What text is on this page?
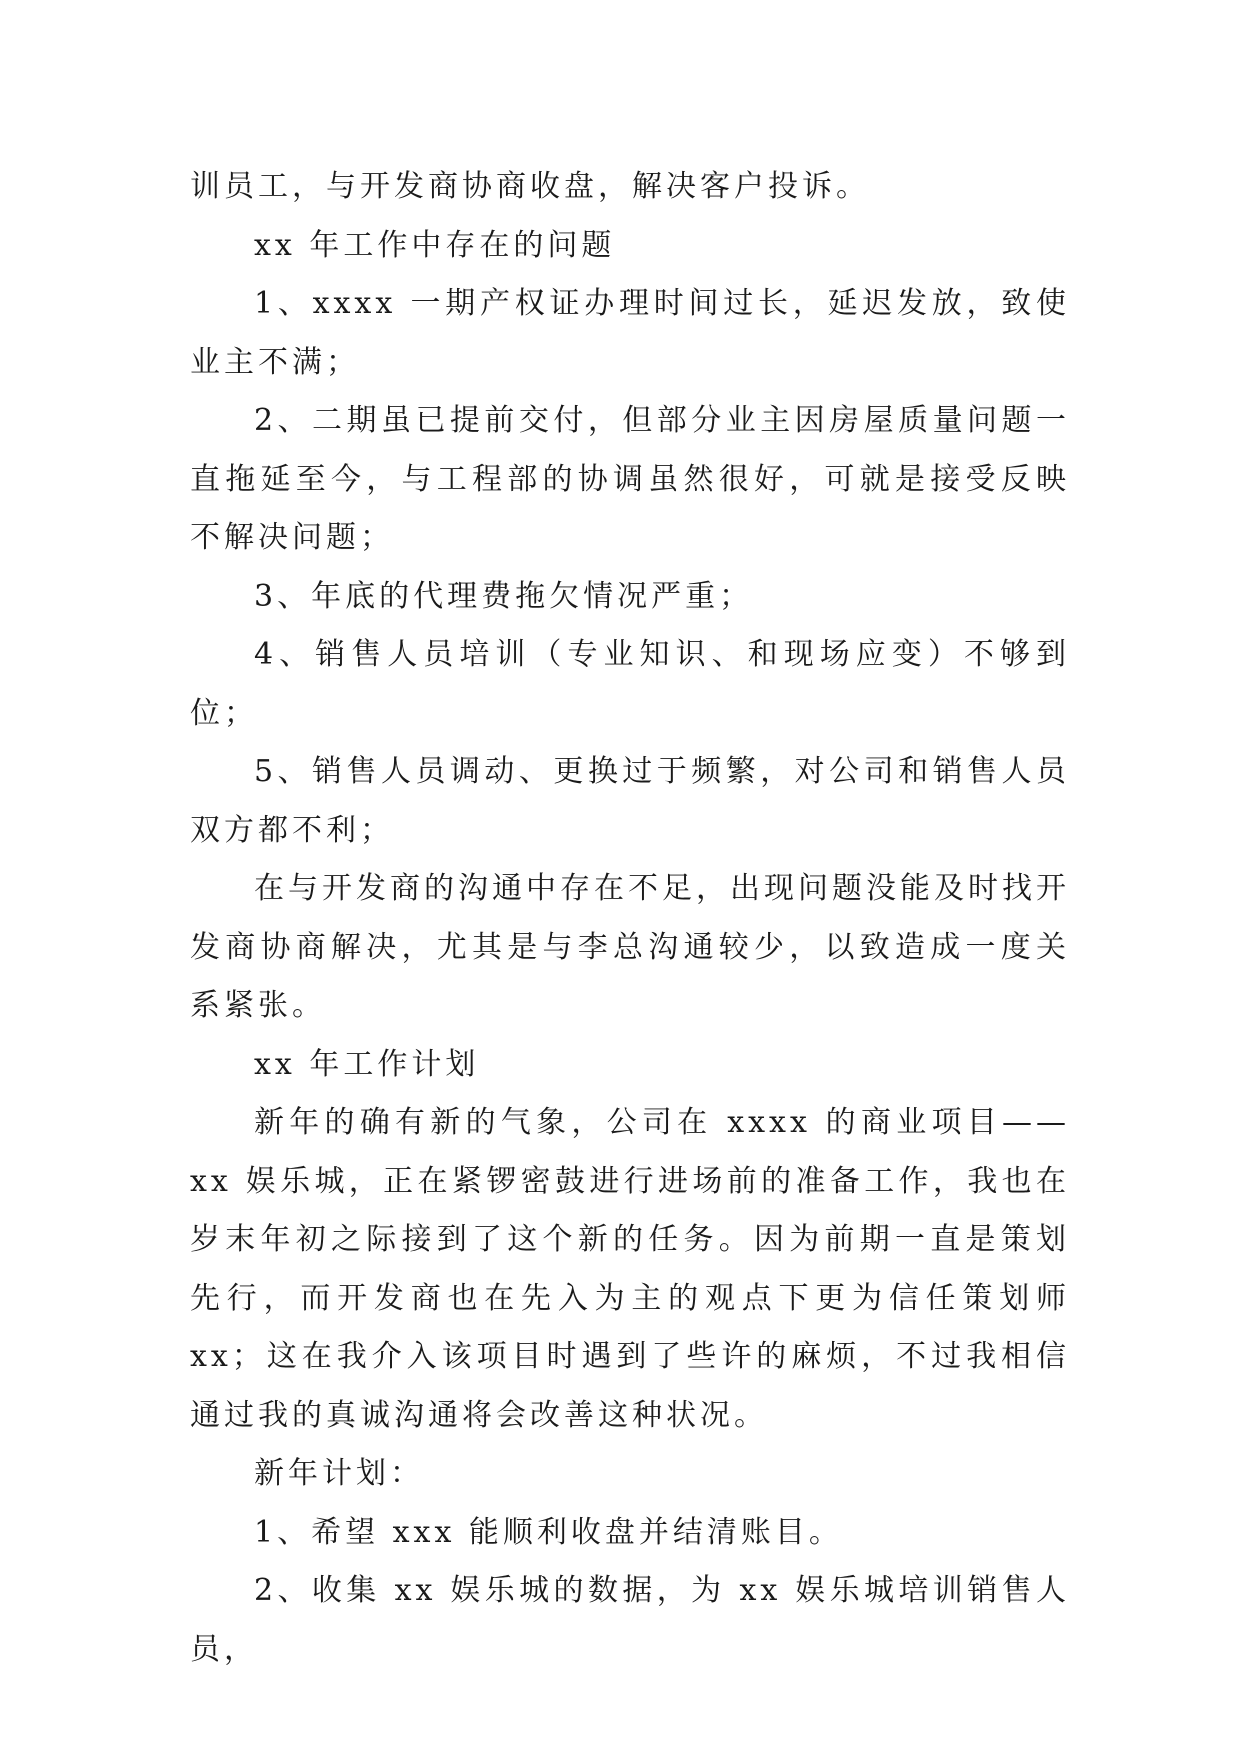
训员工，与开发商协商收盘，解决客户投诉。

xx 年工作中存在的问题

1、xxxx 一期产权证办理时间过长，延迟发放，致使业主不满；

2、二期虽已提前交付，但部分业主因房屋质量问题一直拖延至今，与工程部的协调虽然很好，可就是接受反映不解决问题；

3、年底的代理费拖欠情况严重；

4、销售人员培训（专业知识、和现场应变）不够到位；

5、销售人员调动、更换过于频繁，对公司和销售人员双方都不利；

在与开发商的沟通中存在不足，出现问题没能及时找开发商协商解决，尤其是与李总沟通较少，以致造成一度关系紧张。

xx 年工作计划

新年的确有新的气象，公司在 xxxx 的商业项目——xx 娱乐城，正在紧锣密鼓进行进场前的准备工作，我也在岁末年初之际接到了这个新的任务。因为前期一直是策划先行，而开发商也在先入为主的观点下更为信任策划师 xx；这在我介入该项目时遇到了些许的麻烦，不过我相信通过我的真诚沟通将会改善这种状况。

新年计划：

1、希望 xxx 能顺利收盘并结清账目。

2、收集 xx 娱乐城的数据，为 xx 娱乐城培训销售人员，
